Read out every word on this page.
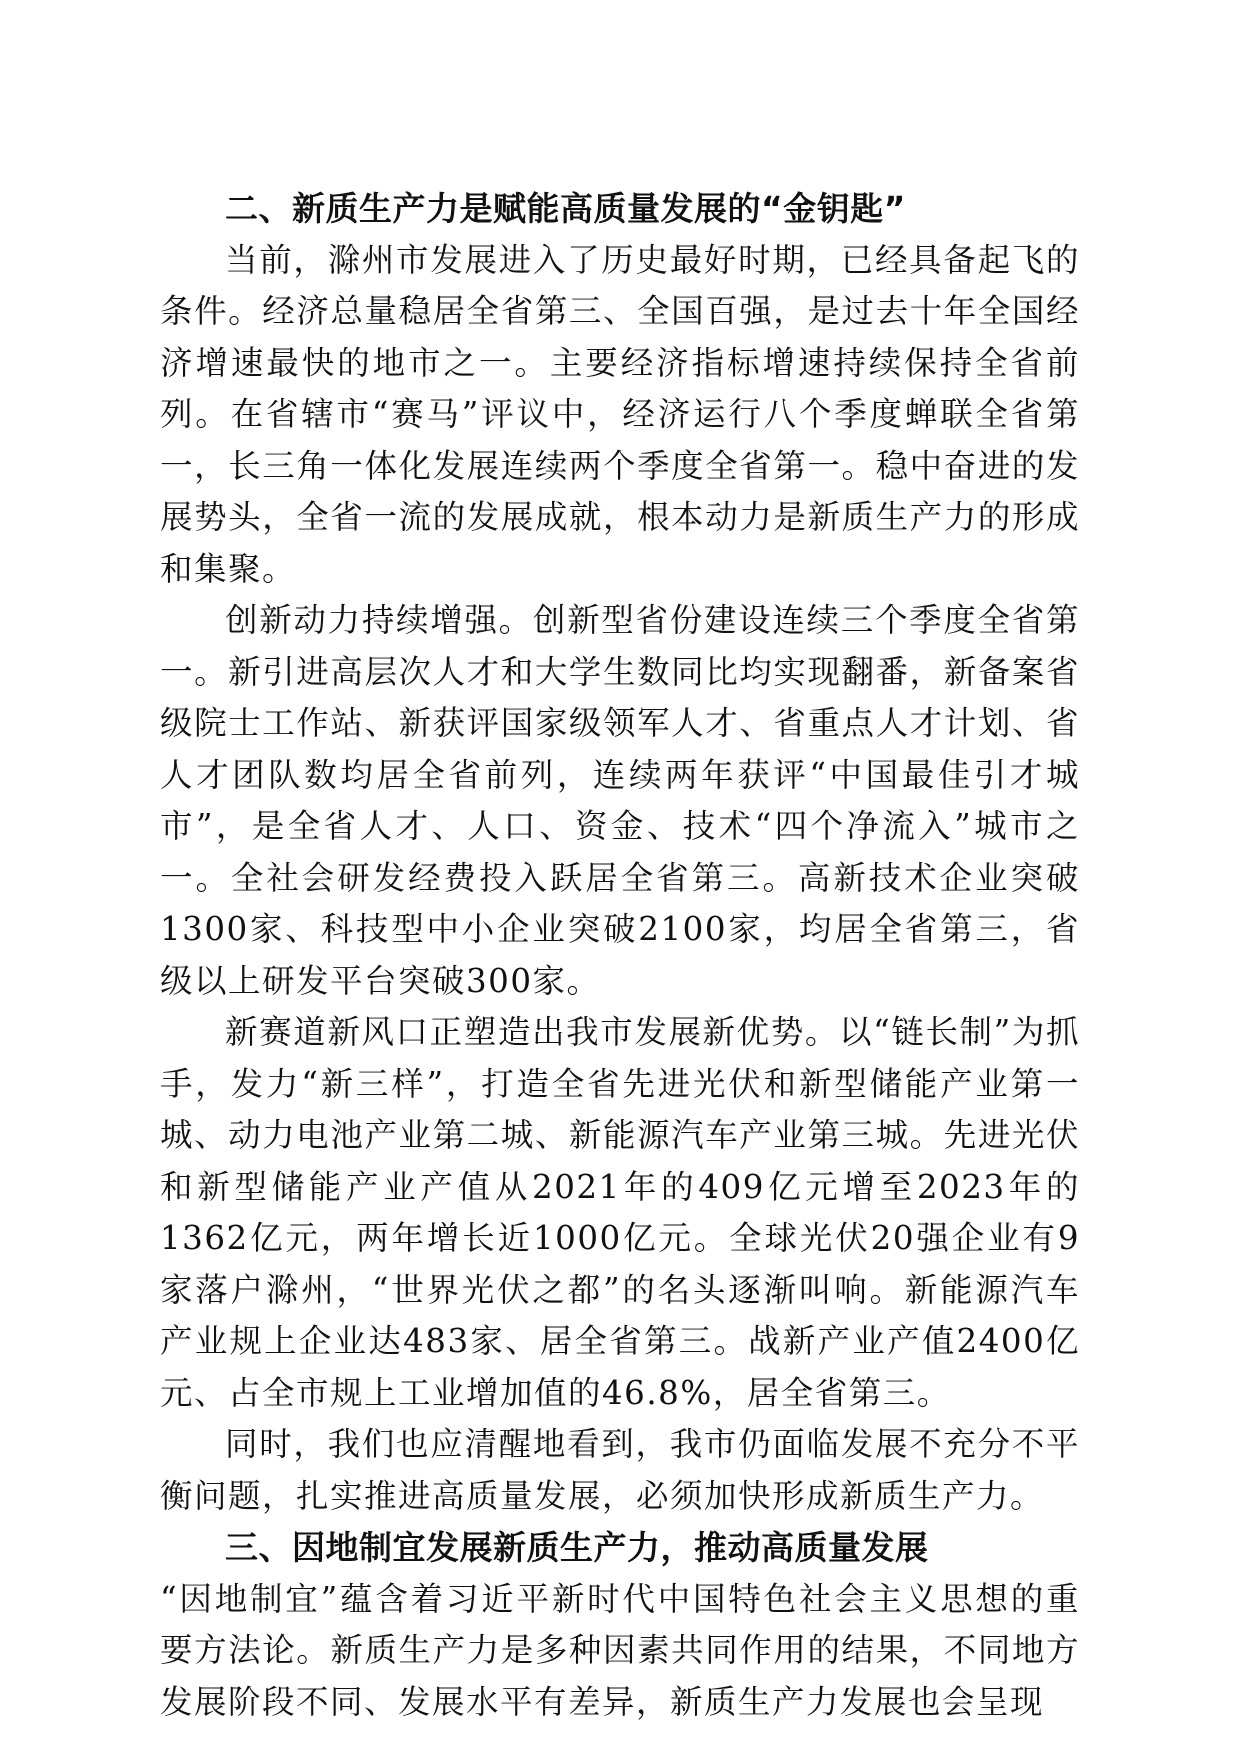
二、新质生产力是赋能高质量发展的“金钥匙”

当前，滁州市发展进入了历史最好时期，已经具备起飞的条件。经济总量稳居全省第三、全国百强，是过去十年全国经济增速最快的地市之一。主要经济指标增速持续保持全省前列。在省辖市“赛马”评议中，经济运行八个季度蝉联全省第一，长三角一体化发展连续两个季度全省第一。稳中奋进的发展势头，全省一流的发展成就，根本动力是新质生产力的形成和集聚。

创新动力持续增强。创新型省份建设连续三个季度全省第一。新引进高层次人才和大学生数同比均实现翻番，新备案省级院士工作站、新获评国家级领军人才、省重点人才计划、省人才团队数均居全省前列，连续两年获评“中国最佳引才城市”，是全省人才、人口、资金、技术“四个净流入”城市之一。全社会研发经费投入跃居全省第三。高新技术企业突破1300家、科技型中小企业突破2100家，均居全省第三，省级以上研发平台突破300家。

新赛道新风口正塑造出我市发展新优势。以“链长制”为抓手，发力“新三样”，打造全省先进光伏和新型储能产业第一城、动力电池产业第二城、新能源汽车产业第三城。先进光伏和新型储能产业产值从2021年的409亿元增至2023年的1362亿元，两年增长近1000亿元。全球光伏20强企业有9家落户滁州，“世界光伏之都”的名头逐渐叫响。新能源汽车产业规上企业达483家、居全省第三。战新产业产值2400亿元、占全市规上工业增加值的46.8%，居全省第三。

同时，我们也应清醒地看到，我市仍面临发展不充分不平衡问题，扎实推进高质量发展，必须加快形成新质生产力。

三、因地制宜发展新质生产力，推动高质量发展

“因地制宜”蕴含着习近平新时代中国特色社会主义思想的重要方法论。新质生产力是多种因素共同作用的结果，不同地方发展阶段不同、发展水平有差异，新质生产力发展也会呈现
